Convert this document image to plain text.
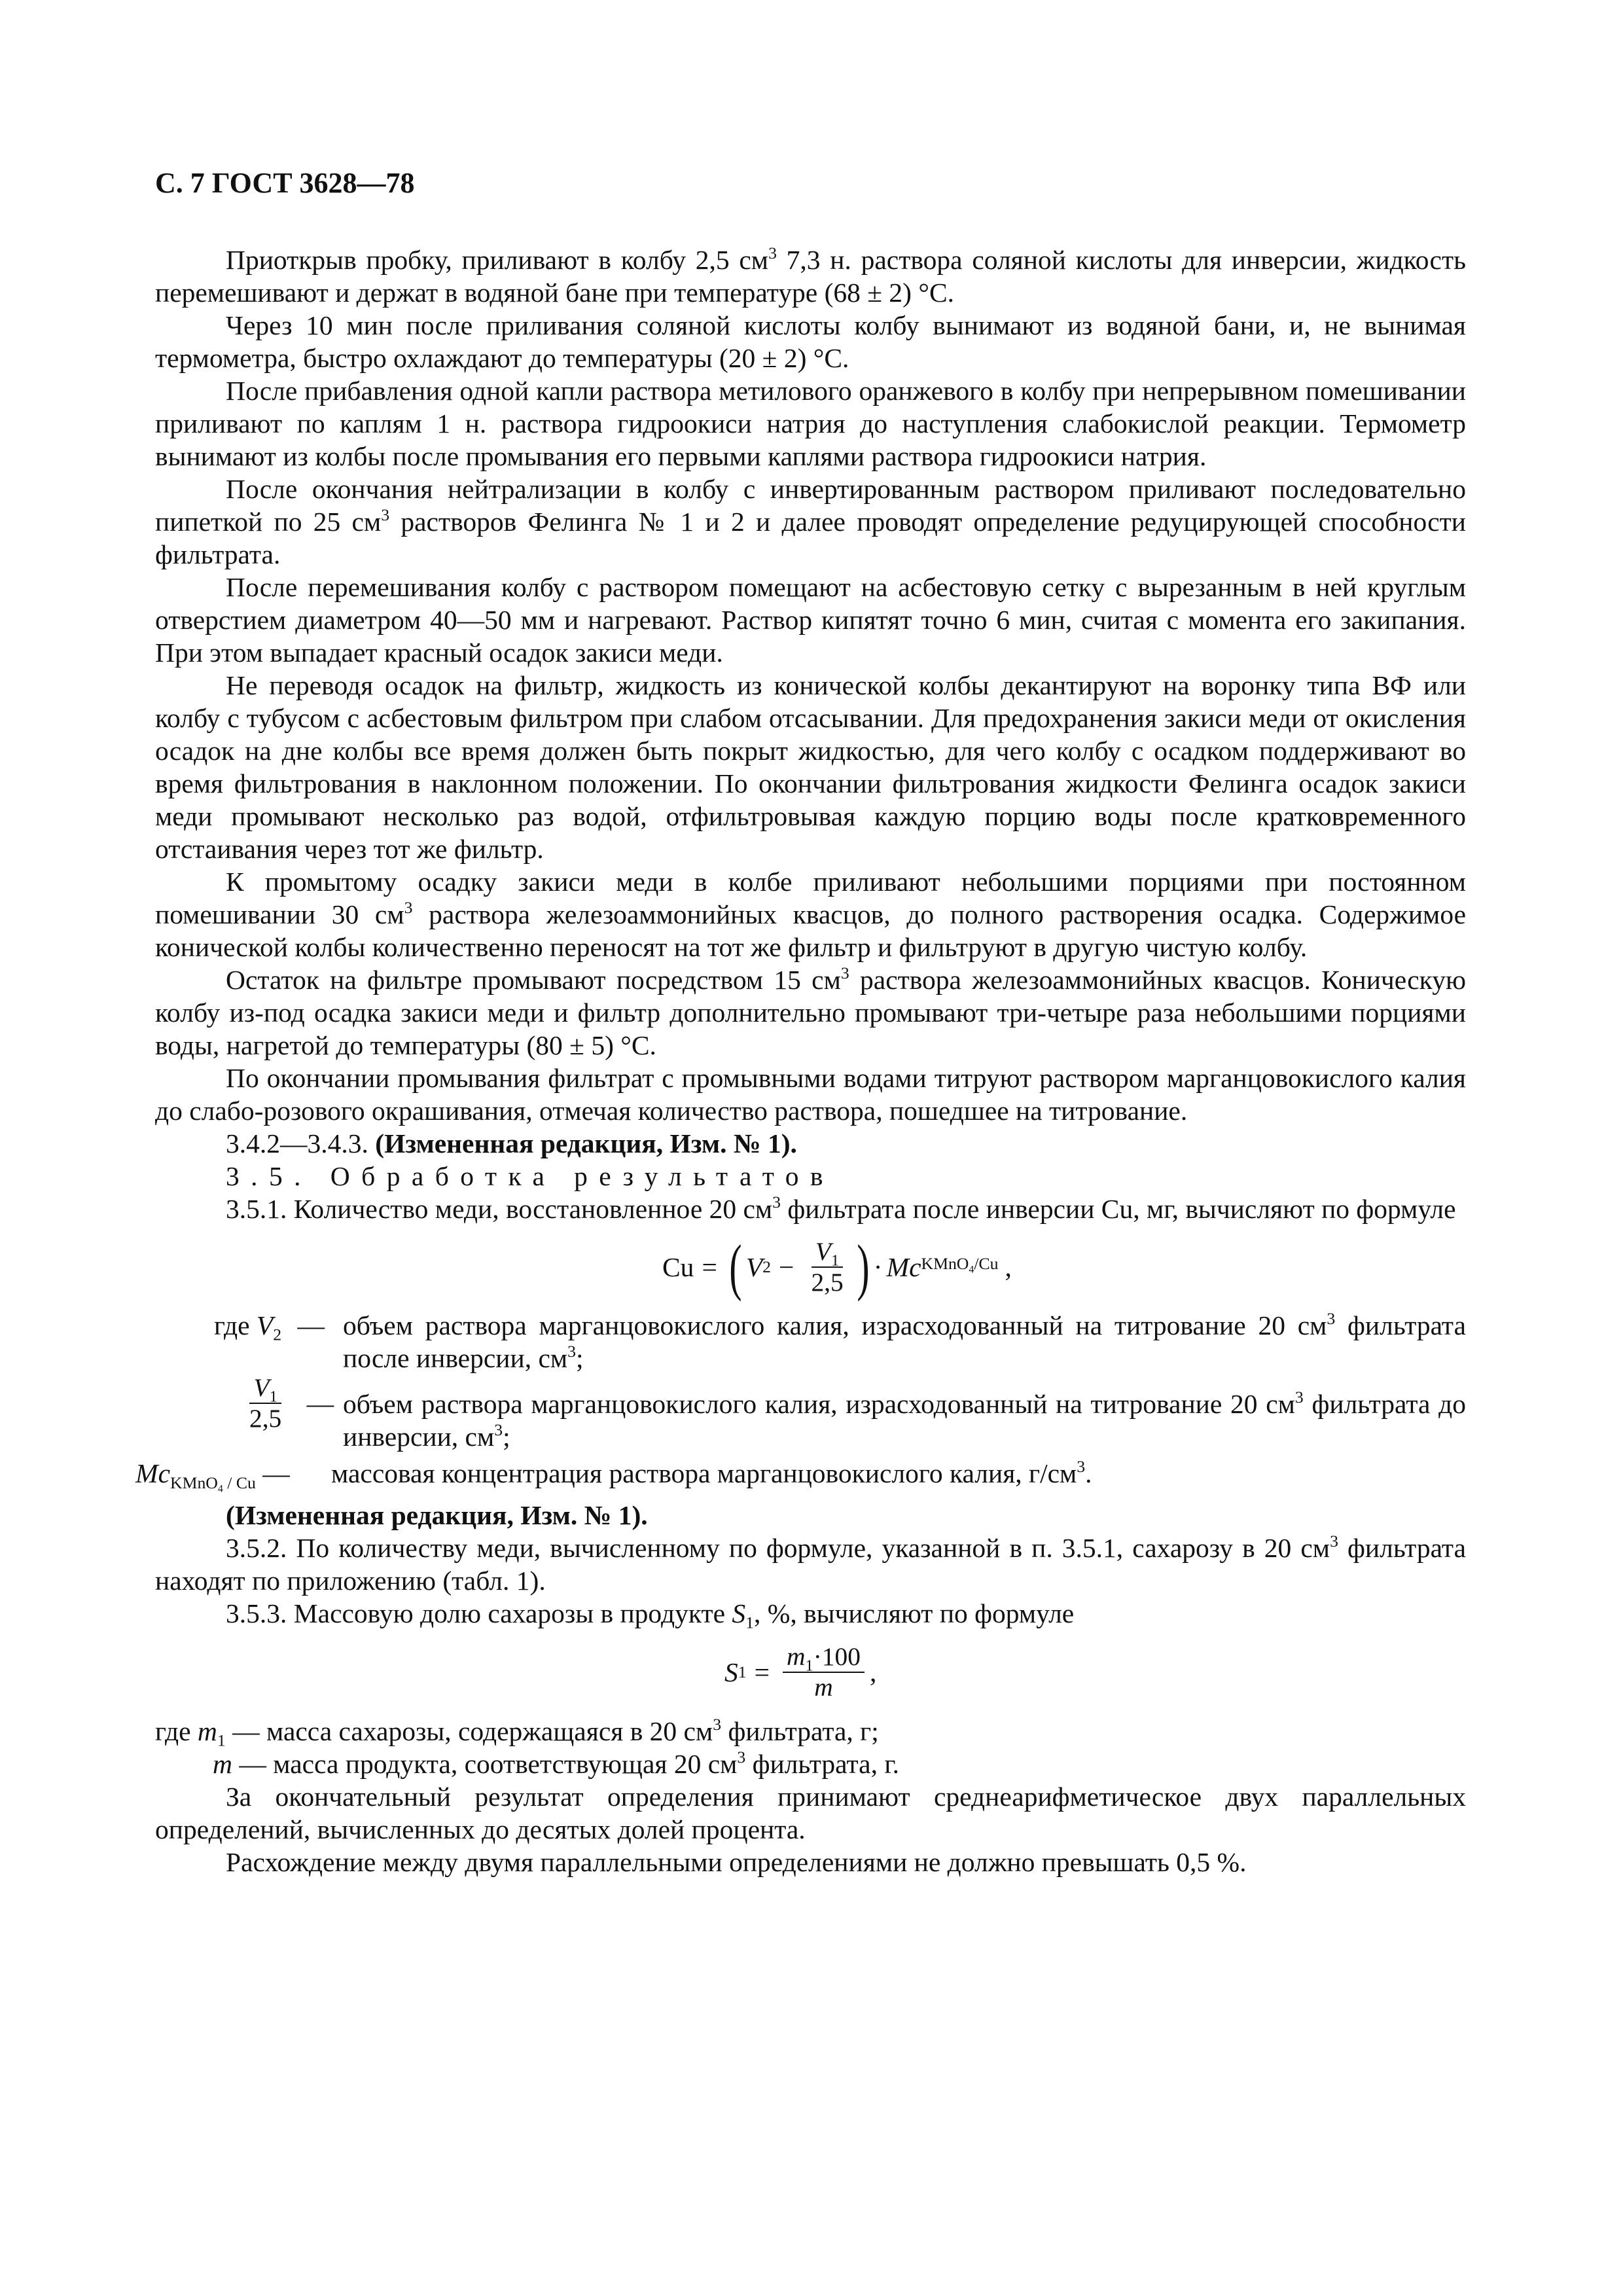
С. 7 ГОСТ 3628—78

Приоткрыв пробку, приливают в колбу 2,5 $см^3$ 7,3 н. раствора соляной кислоты для инверсии, жидкость перемешивают и держат в водяной бане при температуре (68 ± 2) °С.

Через 10 мин после приливания соляной кислоты колбу вынимают из водяной бани, и, не вынимая термометра, быстро охлаждают до температуры (20 ± 2) °С.

После прибавления одной капли раствора метилового оранжевого в колбу при непрерывном помешивании приливают по каплям 1 н. раствора гидроокиси натрия до наступления слабокислой реакции. Термометр вынимают из колбы после промывания его первыми каплями раствора гидроокиси натрия.

После окончания нейтрализации в колбу с инвертированным раствором приливают последовательно пипеткой по 25 $см^3$ растворов Фелинга № 1 и 2 и далее проводят определение редуцирующей способности фильтрата.

После перемешивания колбу с раствором помещают на асбестовую сетку с вырезанным в ней круглым отверстием диаметром 40—50 мм и нагревают. Раствор кипятят точно 6 мин, считая с момента его закипания. При этом выпадает красный осадок закиси меди.

Не переводя осадок на фильтр, жидкость из конической колбы декантируют на воронку типа ВФ или колбу с тубусом с асбестовым фильтром при слабом отсасывании. Для предохранения закиси меди от окисления осадок на дне колбы все время должен быть покрыт жидкостью, для чего колбу с осадком поддерживают во время фильтрования в наклонном положении. По окончании фильтрования жидкости Фелинга осадок закиси меди промывают несколько раз водой, отфильтровывая каждую порцию воды после кратковременного отстаивания через тот же фильтр.

К промытому осадку закиси меди в колбе приливают небольшими порциями при постоянном помешивании 30 $см^3$ раствора железоаммонийных квасцов, до полного растворения осадка. Содержимое конической колбы количественно переносят на тот же фильтр и фильтруют в другую чистую колбу.

Остаток на фильтре промывают посредством 15 $см^3$ раствора железоаммонийных квасцов. Коническую колбу из-под осадка закиси меди и фильтр дополнительно промывают три-четыре раза небольшими порциями воды, нагретой до температуры (80 ± 5) °С.

По окончании промывания фильтрат с промывными водами титруют раствором марганцовокислого калия до слабо-розового окрашивания, отмечая количество раствора, пошедшее на титрование.

3.4.2—3.4.3. (Измененная редакция, Изм. № 1).

3.5. Обработка результатов

3.5.1. Количество меди, восстановленное 20 $см^3$ фильтрата после инверсии Cu, мг, вычисляют по формуле

Cu = ( V $2 - \frac{V_1}{2,5}$ ) · Mc KMnO$_4$/Cu ,
где $V_2$ — объем раствора марганцовокислого калия, израсходованный на титрование 20 $см^3$ фильтрата после инверсии, $см^3$;
$\frac{V_1}{2,5}$ — объем раствора марганцовокислого калия, израсходованный на титрование 20 $см^3$ фильтрата до инверсии, $см^3$;
$Mc_{KMnO_4 / Cu}$ — массовая концентрация раствора марганцовокислого калия, $г/см^3$.

(Измененная редакция, Изм. № 1).

3.5.2. По количеству меди, вычисленному по формуле, указанной в п. 3.5.1, сахарозу в 20 $см^3$ фильтрата находят по приложению (табл. 1).

3.5.3. Массовую долю сахарозы в продукте $S_1$, %, вычисляют по формуле

S $1 = \frac{m_1\cdot 100}{m}$ ,

где $m_1$ — масса сахарозы, содержащаяся в 20 $см^3$ фильтрата, г;

m — масса продукта, соответствующая 20 $см^3$ фильтрата, г.

За окончательный результат определения принимают среднеарифметическое двух параллельных определений, вычисленных до десятых долей процента.

Расхождение между двумя параллельными определениями не должно превышать 0,5 %.
